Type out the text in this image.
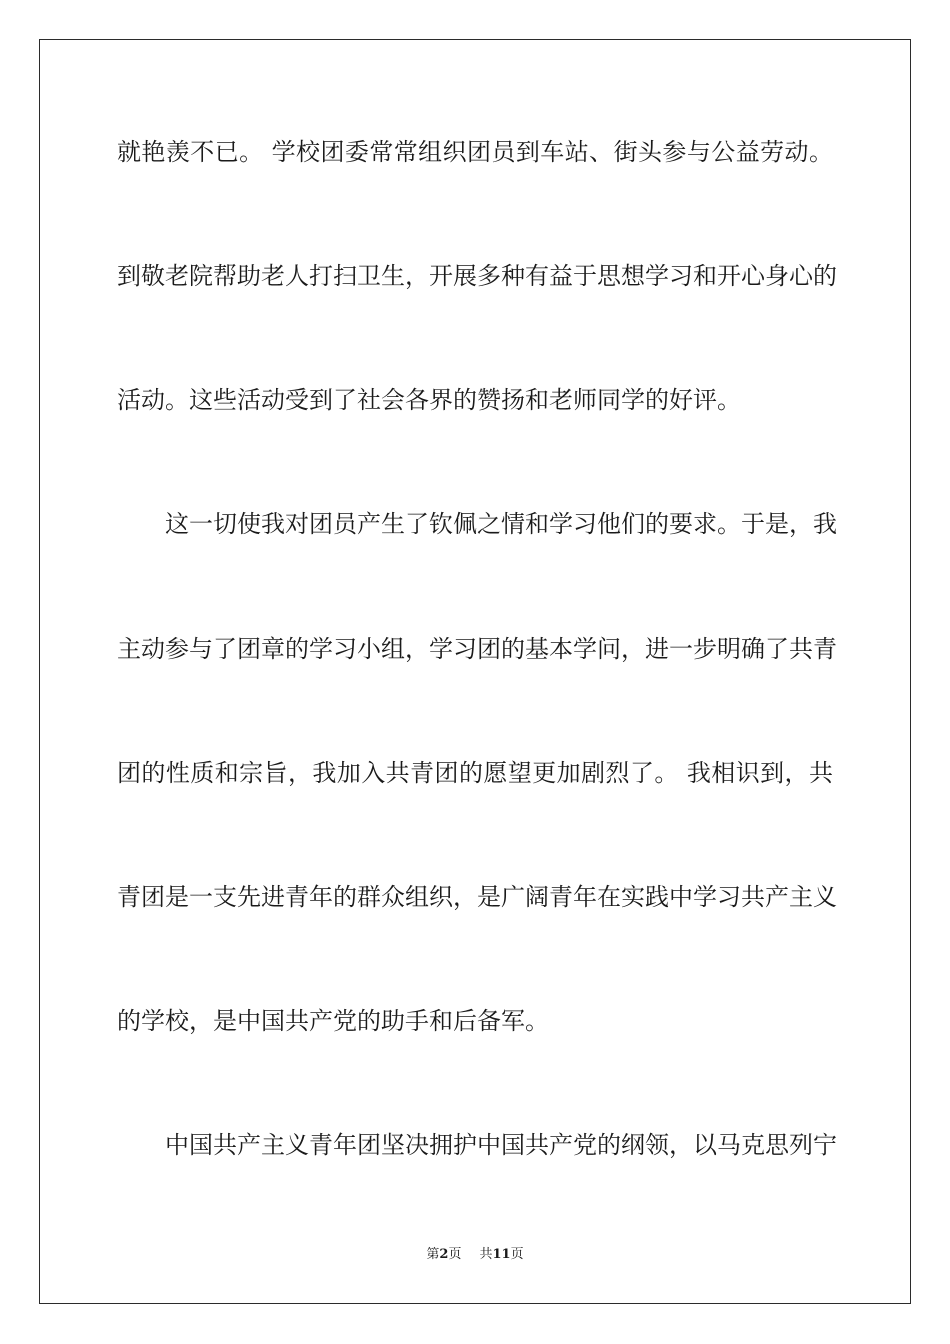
就艳羡不已。 学校团委常常组织团员到车站、街头参与公益劳动。
到敬老院帮助老人打扫卫生，开展多种有益于思想学习和开心身心的
活动。这些活动受到了社会各界的赞扬和老师同学的好评。
这一切使我对团员产生了钦佩之情和学习他们的要求。于是，我
主动参与了团章的学习小组，学习团的基本学问，进一步明确了共青
团的性质和宗旨，我加入共青团的愿望更加剧烈了。 我相识到，共
青团是一支先进青年的群众组织，是广阔青年在实践中学习共产主义
的学校，是中国共产党的助手和后备军。
中国共产主义青年团坚决拥护中国共产党的纲领，以马克思列宁
第2页 共11页
